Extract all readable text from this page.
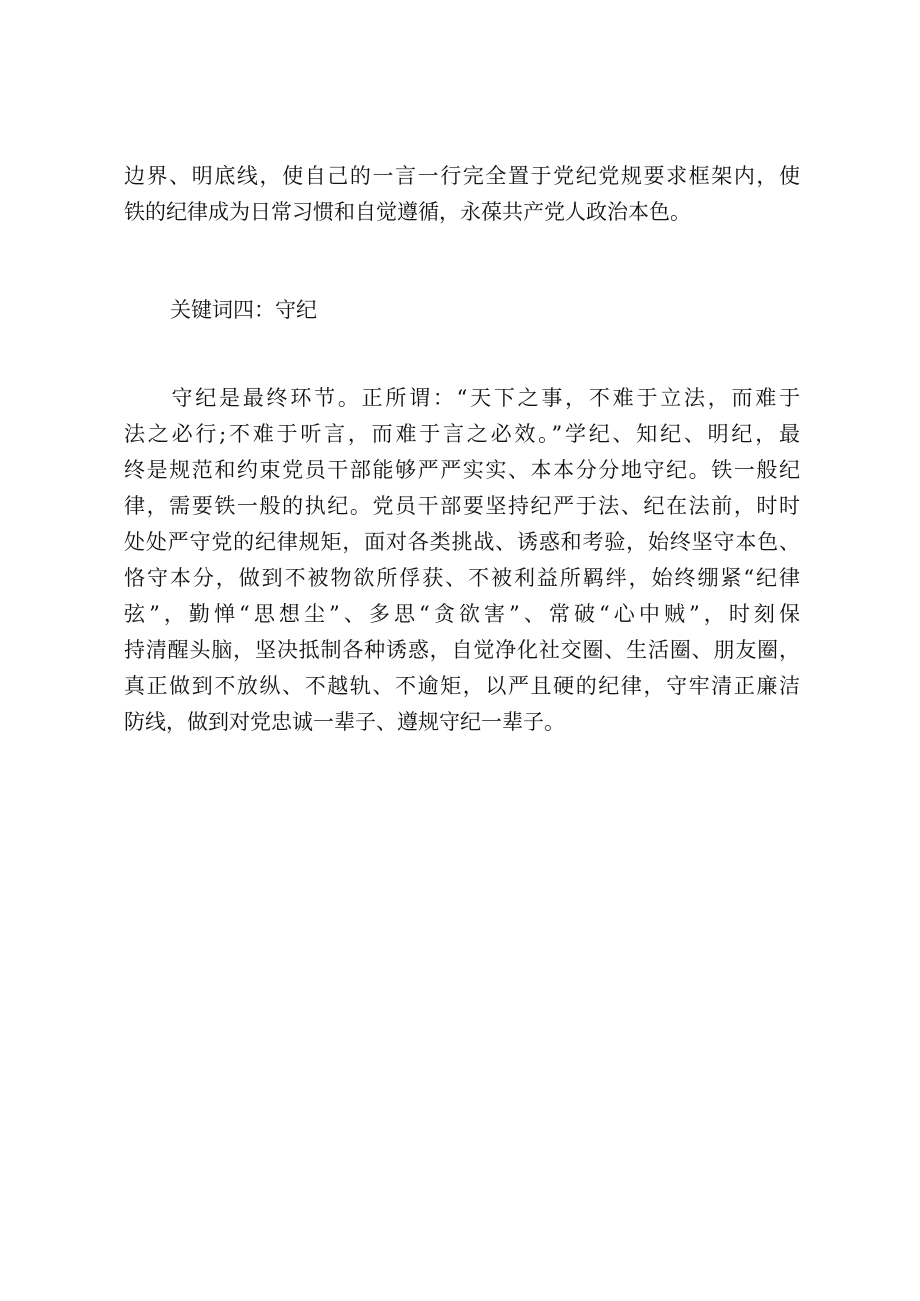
边界、明底线，使自己的一言一行完全置于党纪党规要求框架内，使
铁的纪律成为日常习惯和自觉遵循，永葆共产党人政治本色。

关键词四：守纪

　　守纪是最终环节。正所谓：“天下之事，不难于立法，而难于
法之必行;不难于听言，而难于言之必效。”学纪、知纪、明纪，最
终是规范和约束党员干部能够严严实实、本本分分地守纪。铁一般纪
律，需要铁一般的执纪。党员干部要坚持纪严于法、纪在法前，时时
处处严守党的纪律规矩，面对各类挑战、诱惑和考验，始终坚守本色、
恪守本分，做到不被物欲所俘获、不被利益所羁绊，始终绷紧“纪律
弦”，勤惮“思想尘”、多思“贪欲害”、常破“心中贼”，时刻保
持清醒头脑，坚决抵制各种诱惑，自觉净化社交圈、生活圈、朋友圈，
真正做到不放纵、不越轨、不逾矩，以严且硬的纪律，守牢清正廉洁
防线，做到对党忠诚一辈子、遵规守纪一辈子。
